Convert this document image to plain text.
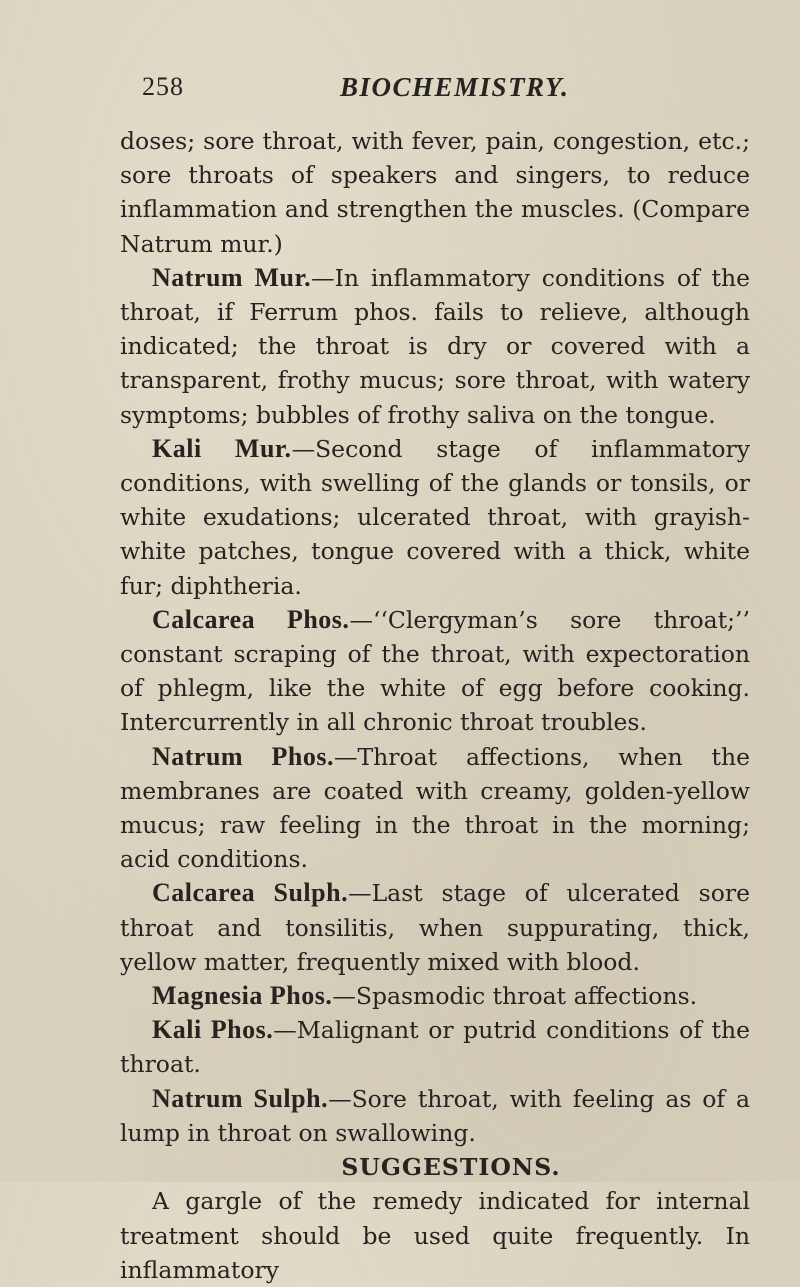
258	BIOCHEMISTRY.

doses; sore throat, with fever, pain, congestion, etc.; sore throats of speakers and singers, to reduce inflammation and strengthen the muscles. (Compare Natrum mur.)

Natrum Mur.—In inflammatory conditions of the throat, if Ferrum phos. fails to relieve, although indicated; the throat is dry or covered with a transparent, frothy mucus; sore throat, with watery symptoms; bubbles of frothy saliva on the tongue.

Kali Mur.—Second stage of inflammatory conditions, with swelling of the glands or tonsils, or white exudations; ulcerated throat, with grayish-white patches, tongue covered with a thick, white fur; diphtheria.

Calcarea Phos.—‘‘Clergyman’s sore throat;’’ constant scraping of the throat, with expectoration of phlegm, like the white of egg before cooking. Intercurrently in all chronic throat troubles.

Natrum Phos.—Throat affections, when the membranes are coated with creamy, golden-yellow mucus; raw feeling in the throat in the morning; acid conditions.

Calcarea Sulph.—Last stage of ulcerated sore throat and tonsilitis, when suppurating, thick, yellow matter, frequently mixed with blood.

Magnesia Phos.—Spasmodic throat affections.

Kali Phos.—Malignant or putrid conditions of the throat.

Natrum Sulph.—Sore throat, with feeling as of a lump in throat on swallowing.

SUGGESTIONS.

A gargle of the remedy indicated for internal treatment should be used quite frequently. In inflammatory
